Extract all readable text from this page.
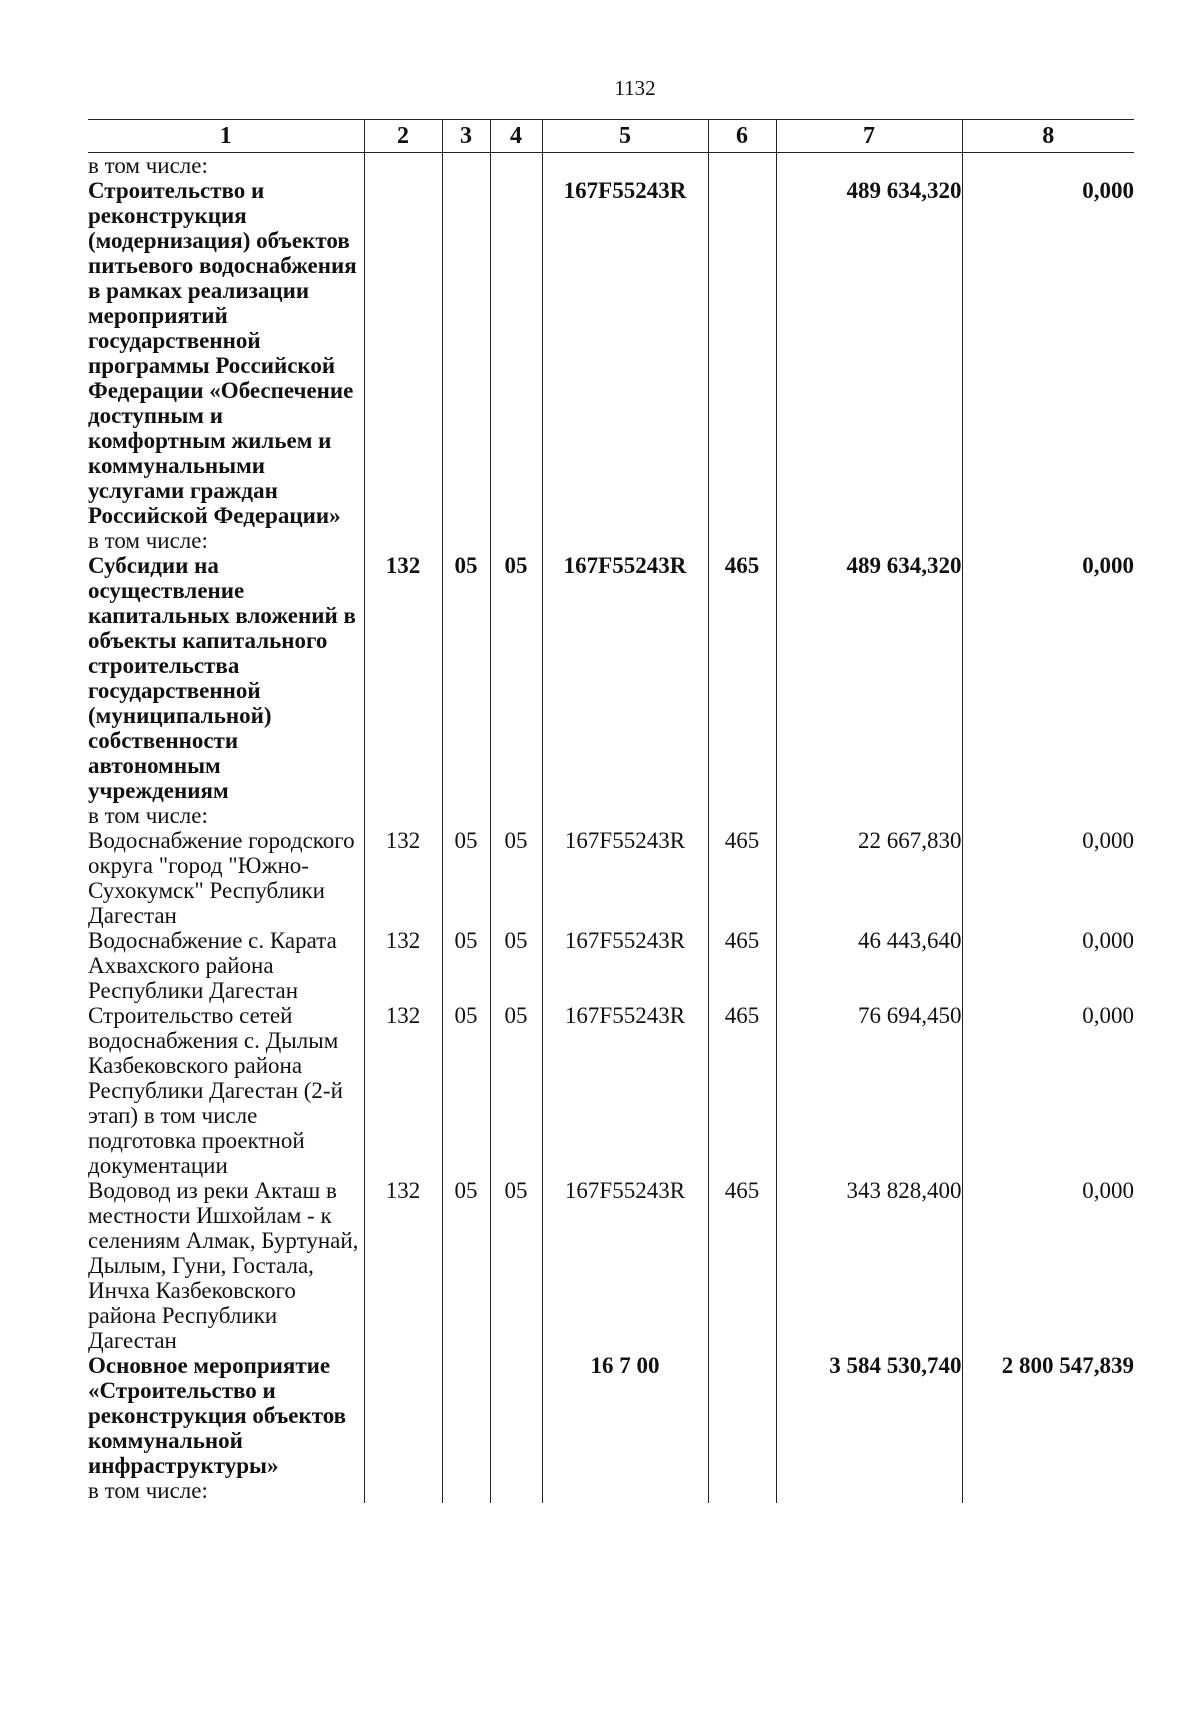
1132
1	2	3	4	5	6	7	8
в том числе:							
Строительство и реконструкция (модернизация) объектов питьевого водоснабжения в рамках реализации мероприятий государственной программы Российской Федерации «Обеспечение доступным и комфортным жильем и коммунальными услугами граждан Российской Федерации»				167F55243R		489 634,320	0,000
в том числе:							
Субсидии на осуществление капитальных вложений в объекты капитального строительства государственной (муниципальной) собственности автономным учреждениям	132	05	05	167F55243R	465	489 634,320	0,000
в том числе:							
Водоснабжение городского округа "город "Южно- Сухокумск" Республики Дагестан	132	05	05	167F55243R	465	22 667,830	0,000
Водоснабжение с. Карата Ахвахского района Республики Дагестан	132	05	05	167F55243R	465	46 443,640	0,000
Строительство сетей водоснабжения с. Дылым Казбековского района Республики Дагестан (2-й этап) в том числе подготовка проектной документации	132	05	05	167F55243R	465	76 694,450	0,000
Водовод из реки Акташ в местности Ишхойлам - к селениям Алмак, Буртунай, Дылым, Гуни, Гостала, Инчха Казбековского района Республики Дагестан	132	05	05	167F55243R	465	343 828,400	0,000
Основное мероприятие «Строительство и реконструкция объектов коммунальной инфраструктуры»				16 7 00		3 584 530,740	2 800 547,839
в том числе:							
